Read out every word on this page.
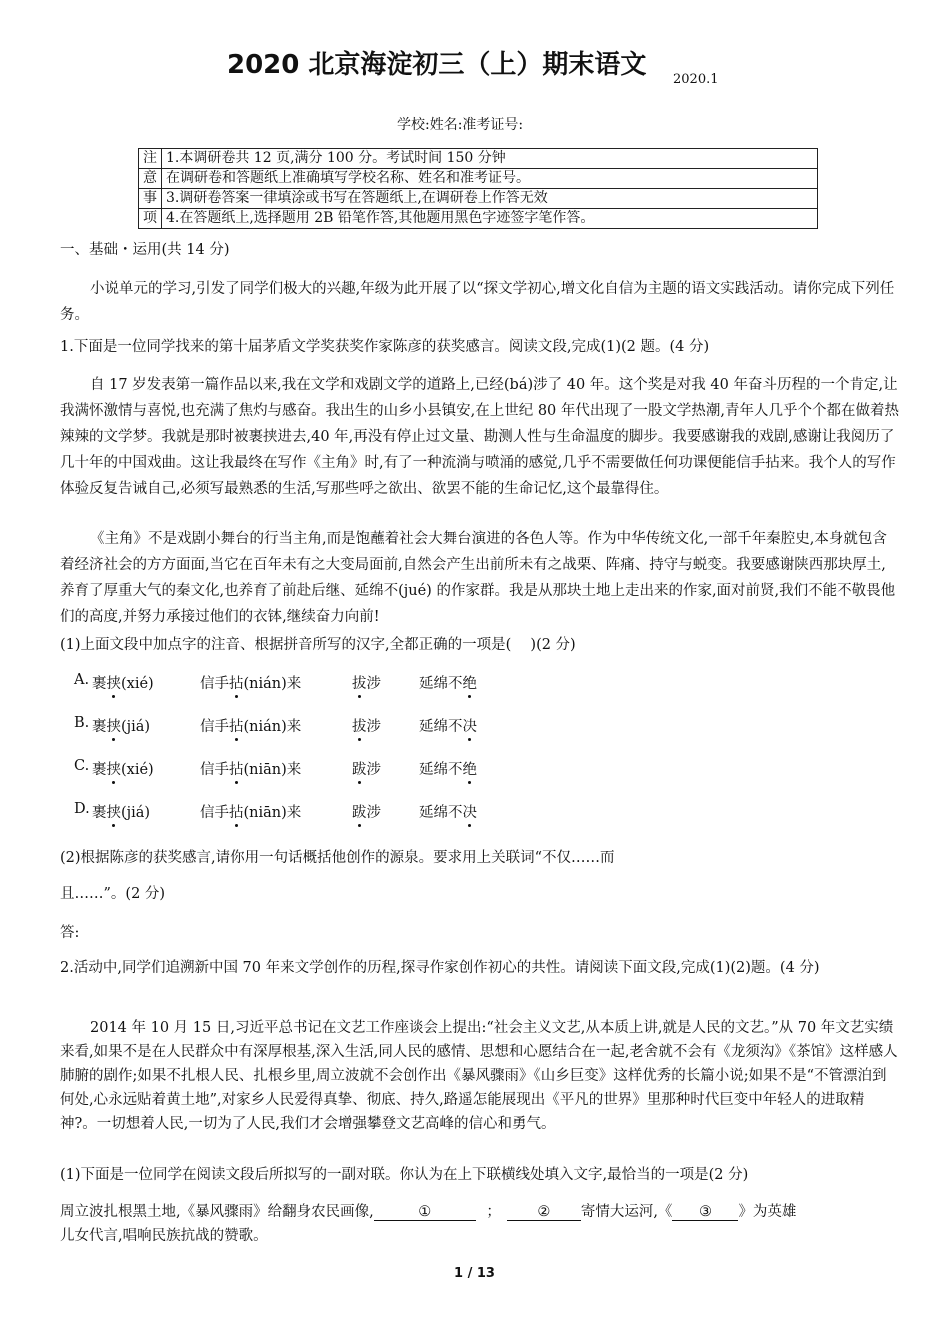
2020 北京海淀初三（上）期末语文 2020.1
学校:姓名:准考证号:
注	1.本调研卷共 12 页,满分 100 分。考试时间 150 分钟
意	在调研卷和答题纸上准确填写学校名称、姓名和准考证号。
事	3.调研卷答案一律填涂或书写在答题纸上,在调研卷上作答无效
项	4.在答题纸上,选择题用 2B 铅笔作答,其他题用黑色字迹签字笔作答。
一、基础・运用(共 14 分)
小说单元的学习,引发了同学们极大的兴趣,年级为此开展了以“探文学初心,增文化自信为主题的语文实践活动。请你完成下列任务。
1.下面是一位同学找来的第十届茅盾文学奖获奖作家陈彦的获奖感言。阅读文段,完成(1)(2 题。(4 分)
自 17 岁发表第一篇作品以来,我在文学和戏剧文学的道路上,已经(bá)涉了 40 年。这个奖是对我 40 年奋斗历程的一个肯定,让我满怀激情与喜悦,也充满了焦灼与感奋。我出生的山乡小县镇安,在上世纪 80 年代出现了一股文学热潮,青年人几乎个个都在做着热辣辣的文学梦。我就是那时被裹挟进去,40 年,再没有停止过文量、勘测人性与生命温度的脚步。我要感谢我的戏剧,感谢让我阅历了几十年的中国戏曲。这让我最终在写作《主角》时,有了一种流淌与喷涌的感觉,几乎不需要做任何功课便能信手拈来。我个人的写作体验反复告诫自己,必须写最熟悉的生活,写那些呼之欲出、欲罢不能的生命记忆,这个最靠得住。
《主角》不是戏剧小舞台的行当主角,而是饱蘸着社会大舞台演进的各色人等。作为中华传统文化,一部千年秦腔史,本身就包含着经济社会的方方面面,当它在百年未有之大变局面前,自然会产生出前所未有之战栗、阵痛、持守与蜕变。我要感谢陕西那块厚土,养育了厚重大气的秦文化,也养育了前赴后继、延绵不(jué) 的作家群。我是从那块土地上走出来的作家,面对前贤,我们不能不敬畏他们的高度,并努力承接过他们的衣钵,继续奋力向前!
(1)上面文段中加点字的注音、根据拼音所写的汉字,全都正确的一项是(　 )(2 分)
A. 裹挟(xié)	信手拈(nián)来	拔涉	延绵不绝
B. 裹挟(jiá)	信手拈(nián)来	拔涉	延绵不决
C. 裹挟(xié)	信手拈(niān)来	跋涉	延绵不绝
D. 裹挟(jiá)	信手拈(niān)来	跋涉	延绵不决
(2)根据陈彦的获奖感言,请你用一句话概括他创作的源泉。要求用上关联词“不仅……而
且……”。(2 分)
答:
2.活动中,同学们追溯新中国 70 年来文学创作的历程,探寻作家创作初心的共性。请阅读下面文段,完成(1)(2)题。(4 分)
2014 年 10 月 15 日,习近平总书记在文艺工作座谈会上提出:“社会主义文艺,从本质上讲,就是人民的文艺。”从 70 年文艺实绩来看,如果不是在人民群众中有深厚根基,深入生活,同人民的感情、思想和心愿结合在一起,老舍就不会有《龙须沟》《茶馆》这样感人肺腑的剧作;如果不扎根人民、扎根乡里,周立波就不会创作出《暴风骤雨》《山乡巨变》这样优秀的长篇小说;如果不是“不管漂泊到何处,心永远贴着黄土地”,对家乡人民爱得真挚、彻底、持久,路遥怎能展现出《平凡的世界》里那种时代巨变中年轻人的进取精神?。一切想着人民,一切为了人民,我们才会增强攀登文艺高峰的信心和勇气。
(1)下面是一位同学在阅读文段后所拟写的一副对联。你认为在上下联横线处填入文字,最恰当的一项是(2 分)
周立波扎根黑土地,《暴风骤雨》给翻身农民画像,	①	；	② 寄情大运河,《 ③ 》为英雄
儿女代言,唱响民族抗战的赞歌。
1 / 13
